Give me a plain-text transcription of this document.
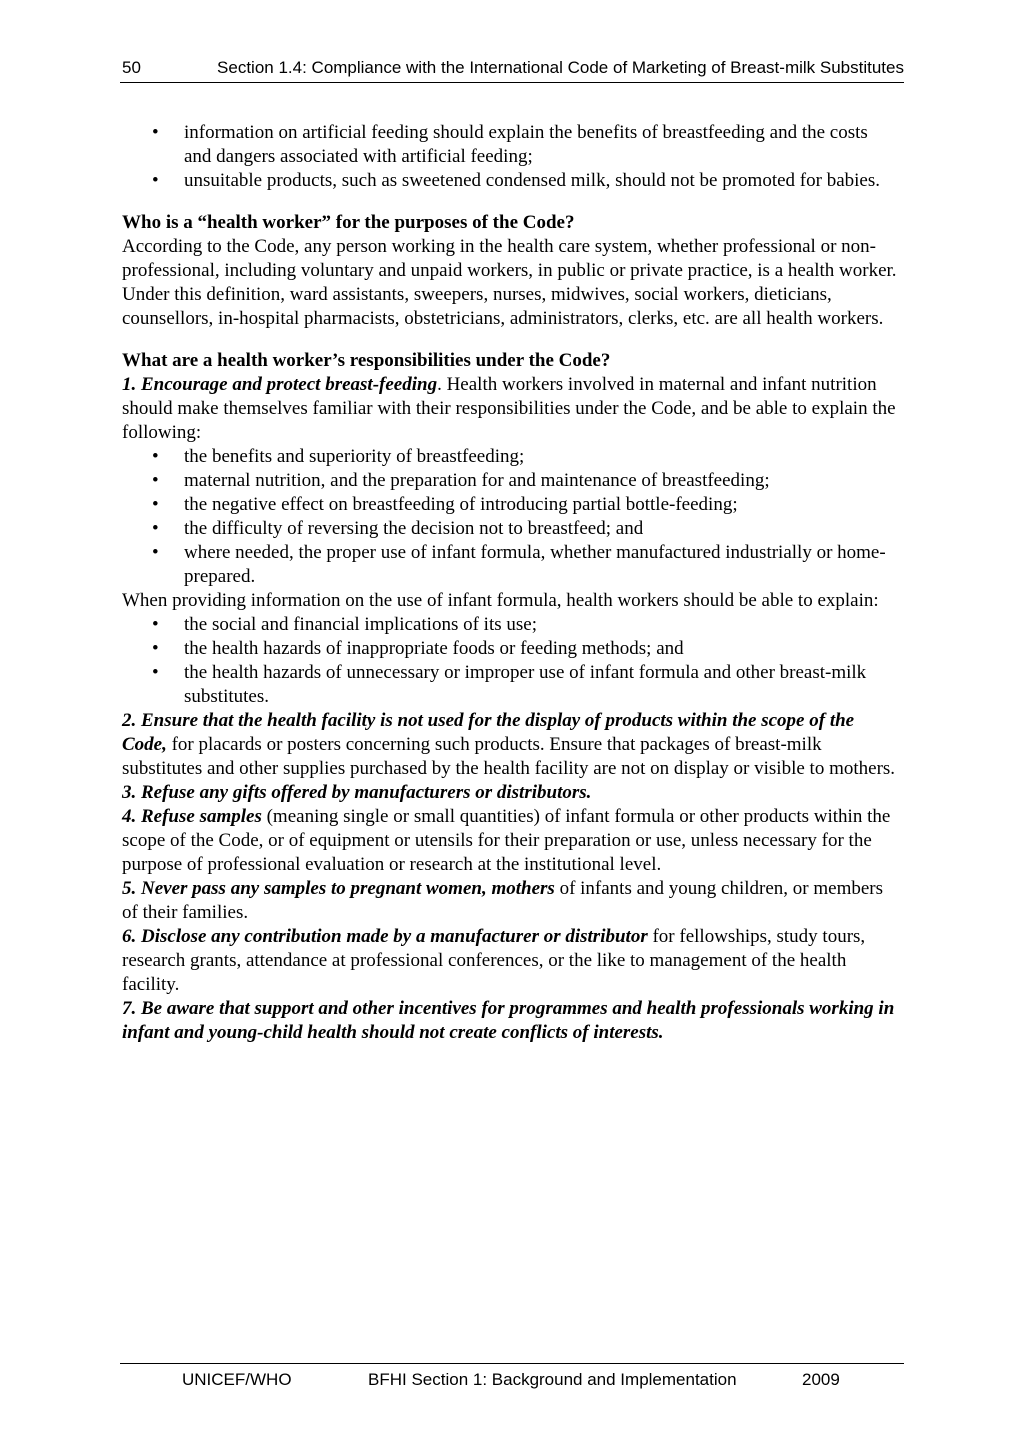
50	Section 1.4: Compliance with the International Code of Marketing of Breast-milk Substitutes
• information on artificial feeding should explain the benefits of breastfeeding and the costs and dangers associated with artificial feeding;
• unsuitable products, such as sweetened condensed milk, should not be promoted for babies.
Who is a “health worker” for the purposes of the Code?

According to the Code, any person working in the health care system, whether professional or non-professional, including voluntary and unpaid workers, in public or private practice, is a health worker. Under this definition, ward assistants, sweepers, nurses, midwives, social workers, dieticians, counsellors, in-hospital pharmacists, obstetricians, administrators, clerks, etc. are all health workers.

What are a health worker’s responsibilities under the Code?

1. Encourage and protect breast-feeding. Health workers involved in maternal and infant nutrition should make themselves familiar with their responsibilities under the Code, and be able to explain the following:

• the benefits and superiority of breastfeeding;
• maternal nutrition, and the preparation for and maintenance of breastfeeding;
• the negative effect on breastfeeding of introducing partial bottle-feeding;
• the difficulty of reversing the decision not to breastfeed; and
• where needed, the proper use of infant formula, whether manufactured industrially or home-prepared.

When providing information on the use of infant formula, health workers should be able to explain:

• the social and financial implications of its use;
• the health hazards of inappropriate foods or feeding methods; and
• the health hazards of unnecessary or improper use of infant formula and other breast-milk substitutes.

2. Ensure that the health facility is not used for the display of products within the scope of the Code, for placards or posters concerning such products. Ensure that packages of breast-milk substitutes and other supplies purchased by the health facility are not on display or visible to mothers.

3. Refuse any gifts offered by manufacturers or distributors.

4. Refuse samples (meaning single or small quantities) of infant formula or other products within the scope of the Code, or of equipment or utensils for their preparation or use, unless necessary for the purpose of professional evaluation or research at the institutional level.

5. Never pass any samples to pregnant women, mothers of infants and young children, or members of their families.

6. Disclose any contribution made by a manufacturer or distributor for fellowships, study tours, research grants, attendance at professional conferences, or the like to management of the health facility.

7. Be aware that support and other incentives for programmes and health professionals working in infant and young-child health should not create conflicts of interests.

UNICEF/WHO	BFHI Section 1: Background and Implementation	2009
